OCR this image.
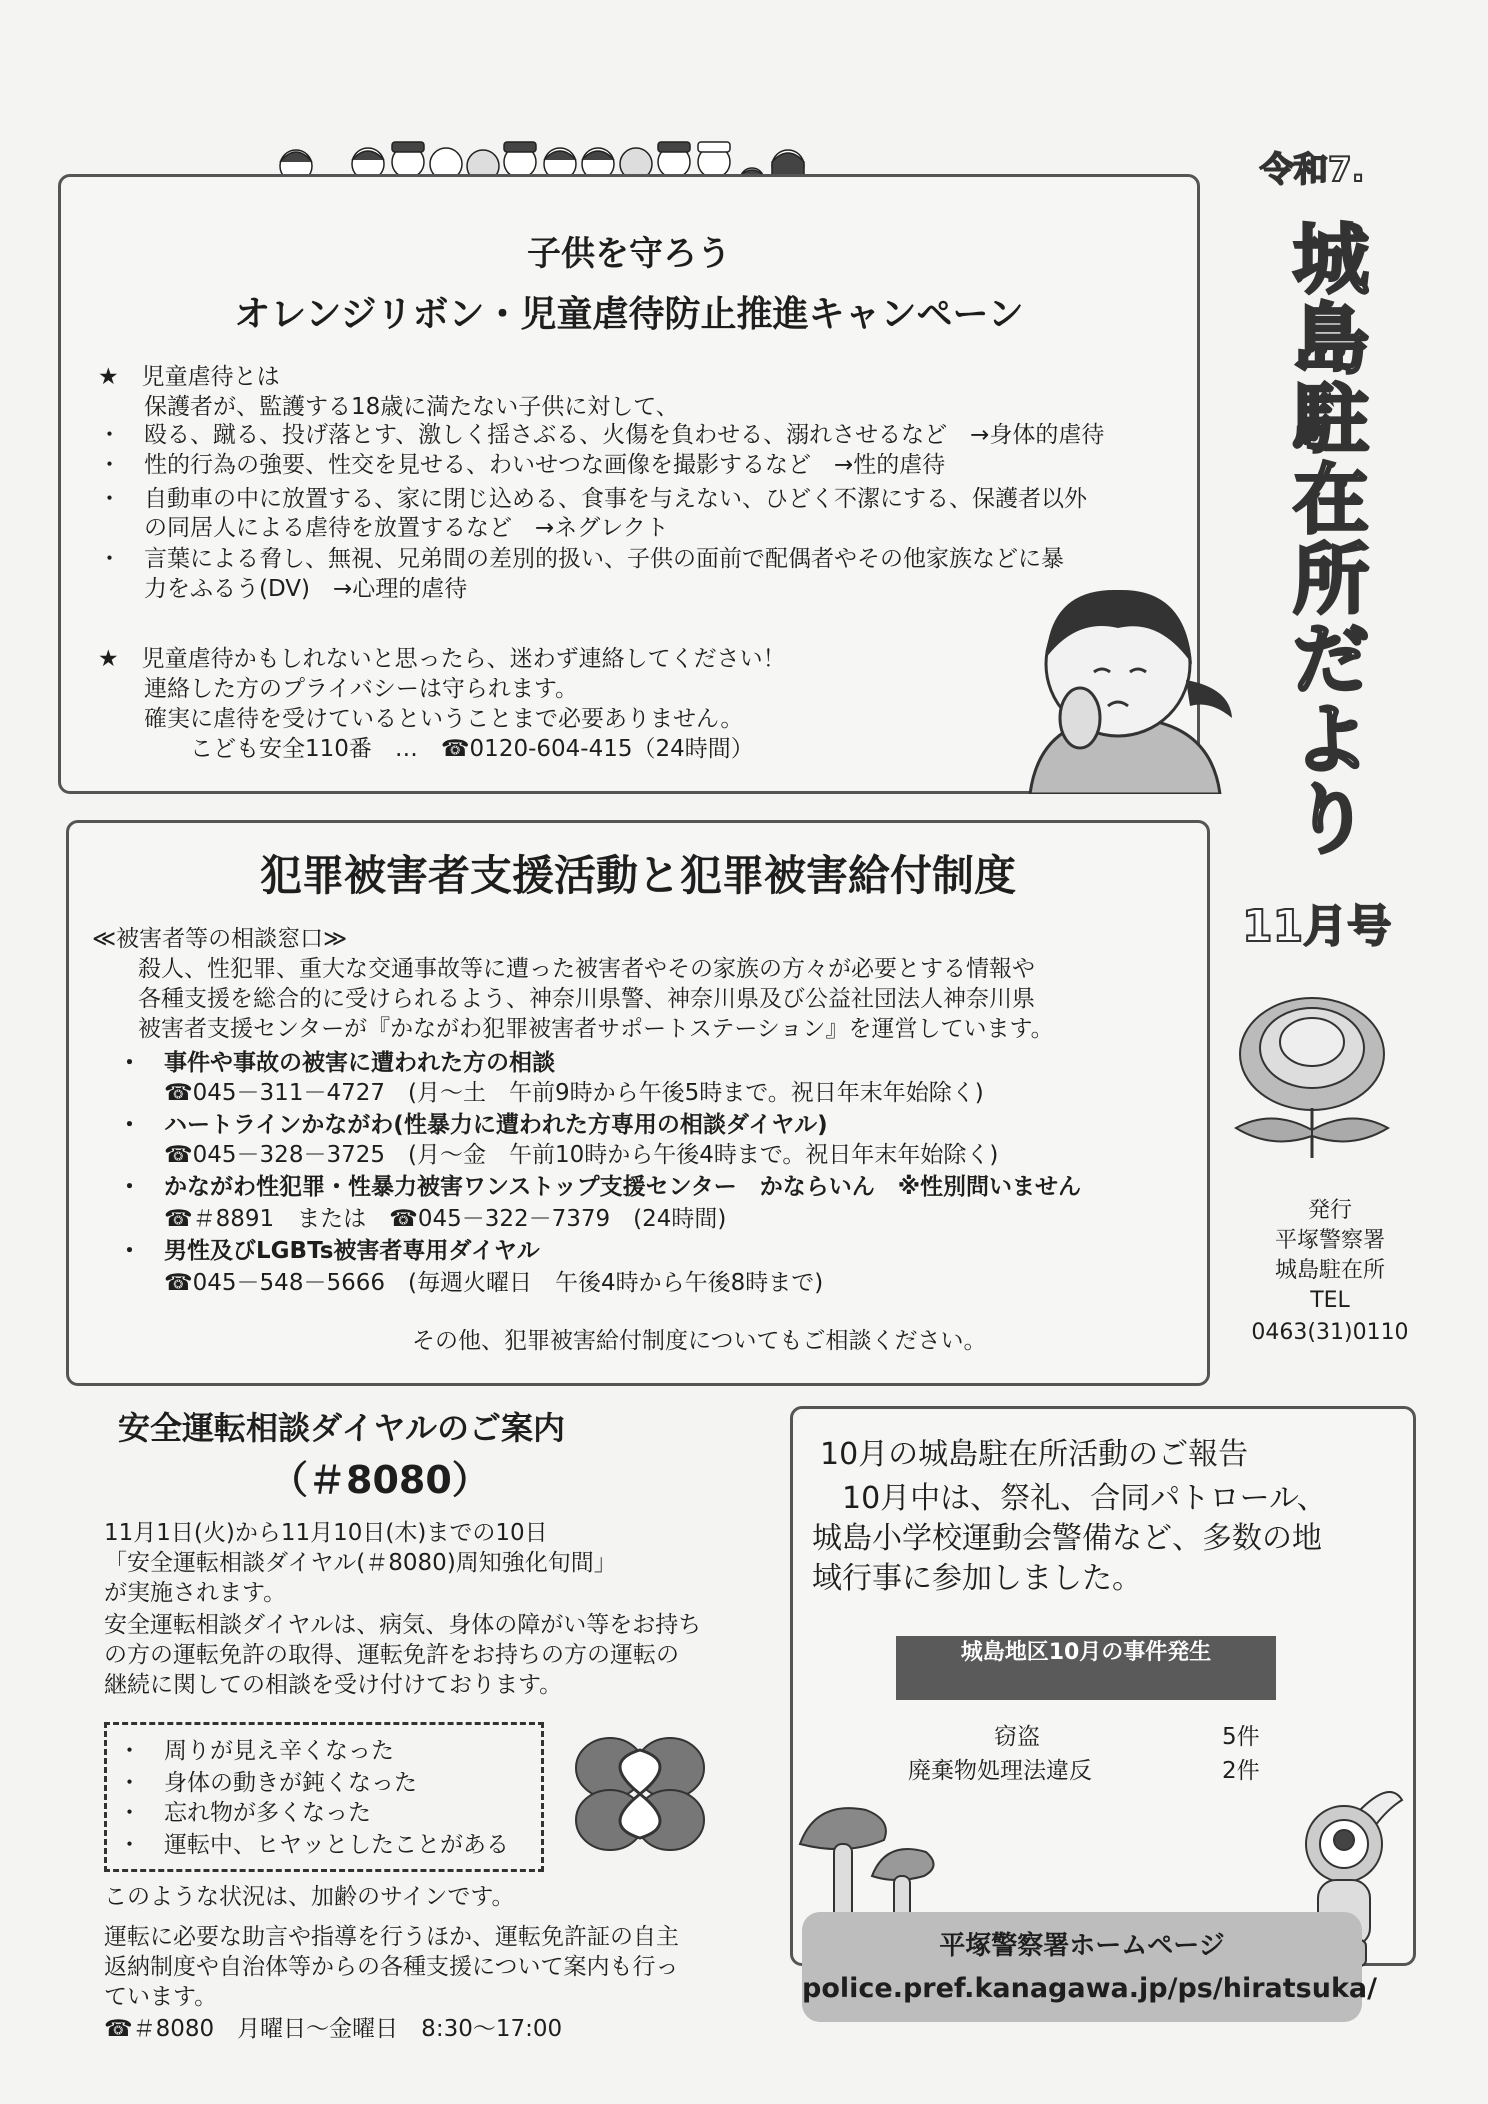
子供を守ろう
オレンジリボン・児童虐待防止推進キャンペーン
★　児童虐待とは
　　保護者が、監護する18歳に満たない子供に対して、
・　殴る、蹴る、投げ落とす、激しく揺さぶる、火傷を負わせる、溺れさせるなど　→身体的虐待
・　性的行為の強要、性交を見せる、わいせつな画像を撮影するなど　→性的虐待
・　自動車の中に放置する、家に閉じ込める、食事を与えない、ひどく不潔にする、保護者以外
　　の同居人による虐待を放置するなど　→ネグレクト
・　言葉による脅し、無視、兄弟間の差別的扱い、子供の面前で配偶者やその他家族などに暴
　　力をふるう(DV)　→心理的虐待
★　児童虐待かもしれないと思ったら、迷わず連絡してください！
　　連絡した方のプライバシーは守られます。
　　確実に虐待を受けているということまで必要ありません。
　　　　こども安全110番　…　☎0120-604-415（24時間）
令和7.
城
島
駐
在
所
だ
よ
り
11月号
発行
平塚警察署
城島駐在所
TEL
0463(31)0110
犯罪被害者支援活動と犯罪被害給付制度
≪被害者等の相談窓口≫
　　殺人、性犯罪、重大な交通事故等に遭った被害者やその家族の方々が必要とする情報や
　　各種支援を総合的に受けられるよう、神奈川県警、神奈川県及び公益社団法人神奈川県
　　被害者支援センターが『かながわ犯罪被害者サポートステーション』を運営しています。
・　事件や事故の被害に遭われた方の相談
　　☎045－311－4727　(月～土　午前9時から午後5時まで。祝日年末年始除く)
・　ハートラインかながわ(性暴力に遭われた方専用の相談ダイヤル)
　　☎045－328－3725　(月～金　午前10時から午後4時まで。祝日年末年始除く)
・　かながわ性犯罪・性暴力被害ワンストップ支援センター　かならいん　※性別問いません
　　☎＃8891　または　☎045－322－7379　(24時間)
・　男性及びLGBTs被害者専用ダイヤル
　　☎045－548－5666　(毎週火曜日　午後4時から午後8時まで)
その他、犯罪被害給付制度についてもご相談ください。
安全運転相談ダイヤルのご案内
（＃8080）
11月1日(火)から11月10日(木)までの10日
「安全運転相談ダイヤル(＃8080)周知強化旬間」
が実施されます。
安全運転相談ダイヤルは、病気、身体の障がい等をお持ち
の方の運転免許の取得、運転免許をお持ちの方の運転の
継続に関しての相談を受け付けております。
・　周りが見え辛くなった
・　身体の動きが鈍くなった
・　忘れ物が多くなった
・　運転中、ヒヤッとしたことがある
このような状況は、加齢のサインです。
運転に必要な助言や指導を行うほか、運転免許証の自主
返納制度や自治体等からの各種支援について案内も行っ
ています。
☎＃8080　月曜日～金曜日　8:30～17:00
10月の城島駐在所活動のご報告
　10月中は、祭礼、合同パトロール、
城島小学校運動会警備など、多数の地
域行事に参加しました。
城島地区10月の事件発生
窃盗	5件
廃棄物処理法違反	2件
平塚警察署ホームページ
police.pref.kanagawa.jp/ps/hiratsuka/
